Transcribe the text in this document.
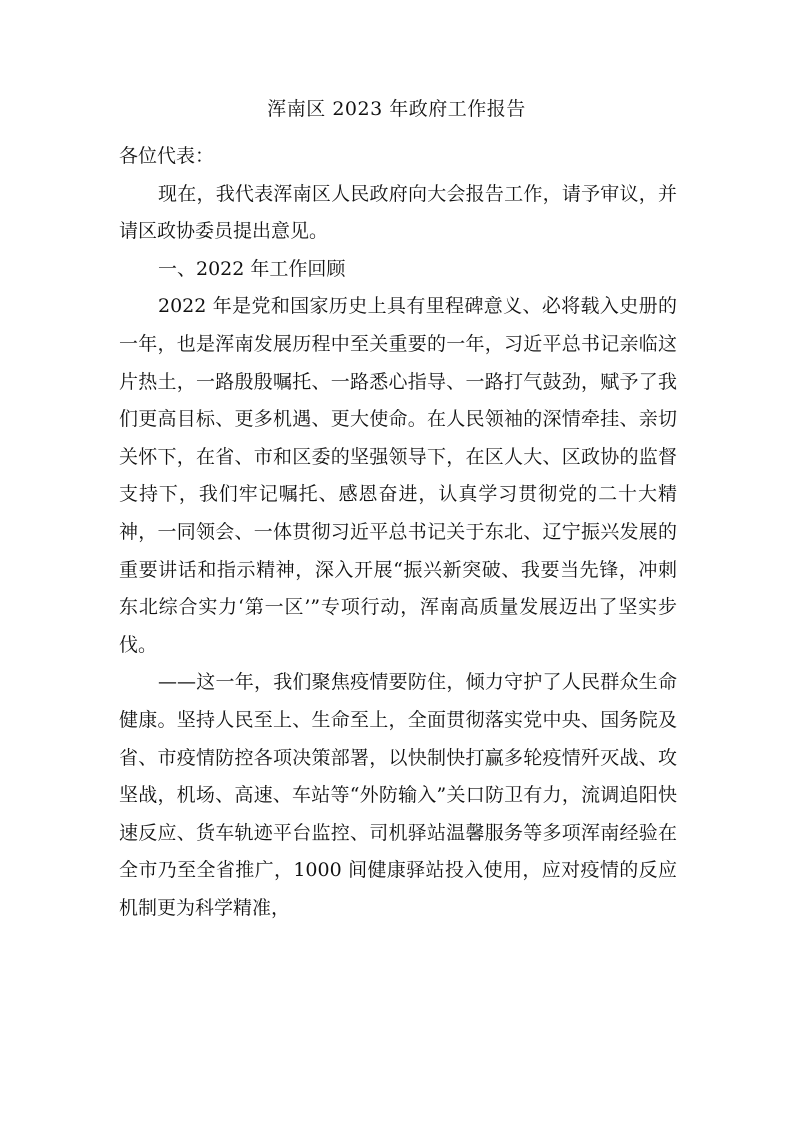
浑南区 2023 年政府工作报告

各位代表：

现在，我代表浑南区人民政府向大会报告工作，请予审议，并请区政协委员提出意见。

一、2022 年工作回顾

2022 年是党和国家历史上具有里程碑意义、必将载入史册的一年，也是浑南发展历程中至关重要的一年，习近平总书记亲临这片热土，一路殷殷嘱托、一路悉心指导、一路打气鼓劲，赋予了我们更高目标、更多机遇、更大使命。在人民领袖的深情牵挂、亲切关怀下，在省、市和区委的坚强领导下，在区人大、区政协的监督支持下，我们牢记嘱托、感恩奋进，认真学习贯彻党的二十大精神，一同领会、一体贯彻习近平总书记关于东北、辽宁振兴发展的重要讲话和指示精神，深入开展“振兴新突破、我要当先锋，冲刺东北综合实力‘第一区’”专项行动，浑南高质量发展迈出了坚实步伐。

——这一年，我们聚焦疫情要防住，倾力守护了人民群众生命健康。坚持人民至上、生命至上，全面贯彻落实党中央、国务院及省、市疫情防控各项决策部署，以快制快打赢多轮疫情歼灭战、攻坚战，机场、高速、车站等“外防输入”关口防卫有力，流调追阳快速反应、货车轨迹平台监控、司机驿站温馨服务等多项浑南经验在全市乃至全省推广，1000 间健康驿站投入使用，应对疫情的反应机制更为科学精准，
